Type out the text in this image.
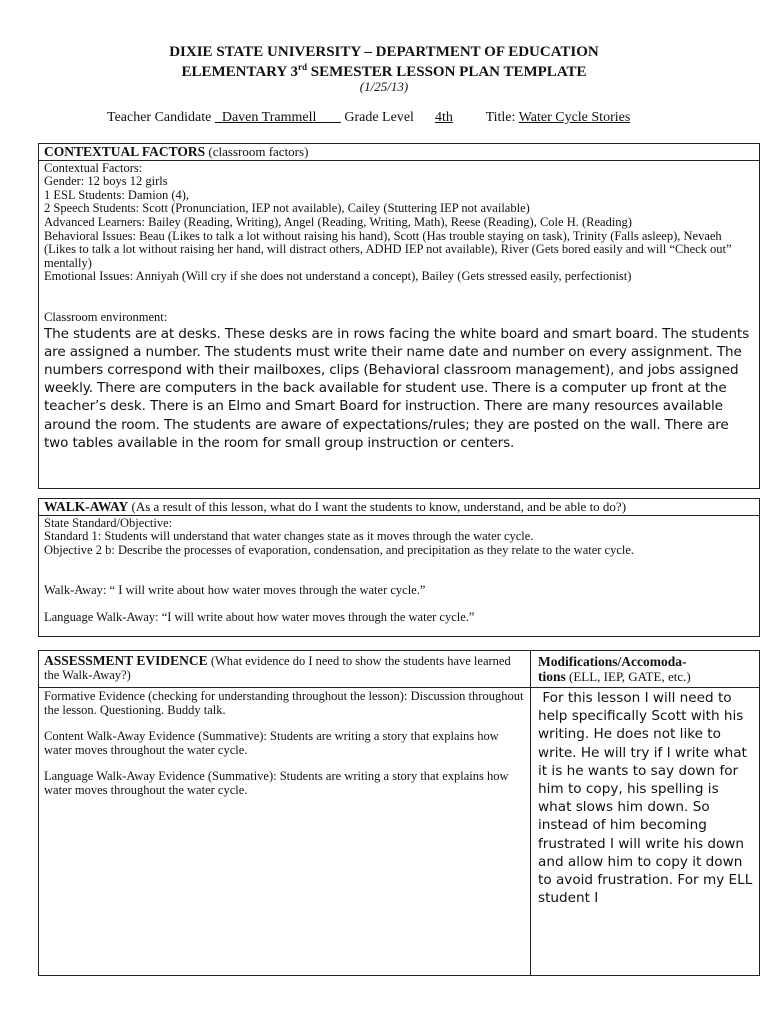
DIXIE STATE UNIVERSITY – DEPARTMENT OF EDUCATION
ELEMENTARY 3rd SEMESTER LESSON PLAN TEMPLATE
(1/25/13)
Teacher Candidate   Daven Trammell        Grade Level 4th Title: Water Cycle Stories
CONTEXTUAL FACTORS (classroom factors)
Contextual Factors:
Gender: 12 boys 12 girls
1 ESL Students: Damion (4),
2 Speech Students: Scott (Pronunciation, IEP not available), Cailey (Stuttering IEP not available)
Advanced Learners: Bailey (Reading, Writing), Angel (Reading, Writing, Math), Reese (Reading), Cole H. (Reading)
Behavioral Issues: Beau (Likes to talk a lot without raising his hand), Scott (Has trouble staying on task), Trinity (Falls asleep), Nevaeh (Likes to talk a lot without raising her hand, will distract others, ADHD IEP not available), River (Gets bored easily and will “Check out” mentally)
Emotional Issues: Anniyah (Will cry if she does not understand a concept), Bailey (Gets stressed easily, perfectionist)
Classroom environment:
The students are at desks. These desks are in rows facing the white board and smart board. The students are assigned a number. The students must write their name date and number on every assignment. The numbers correspond with their mailboxes, clips (Behavioral classroom management), and jobs assigned weekly. There are computers in the back available for student use. There is a computer up front at the teacher’s desk. There is an Elmo and Smart Board for instruction. There are many resources available around the room. The students are aware of expectations/rules; they are posted on the wall. There are two tables available in the room for small group instruction or centers.
WALK-AWAY (As a result of this lesson, what do I want the students to know, understand, and be able to do?)
State Standard/Objective:
Standard 1: Students will understand that water changes state as it moves through the water cycle.
Objective 2 b: Describe the processes of evaporation, condensation, and precipitation as they relate to the water cycle.
Walk-Away: “ I will write about how water moves through the water cycle.”
Language Walk-Away: “I will write about how water moves through the water cycle.”
ASSESSMENT EVIDENCE (What evidence do I need to show the students have learned the Walk-Away?)
Formative Evidence (checking for understanding throughout the lesson): Discussion throughout the lesson. Questioning. Buddy talk.
Content Walk-Away Evidence (Summative): Students are writing a story that explains how water moves throughout the water cycle.
Language Walk-Away Evidence (Summative): Students are writing a story that explains how water moves throughout the water cycle.
Modifications/Accomoda-
tions (ELL, IEP, GATE, etc.)
For this lesson I will need to help specifically Scott with his writing. He does not like to write. He will try if I write what it is he wants to say down for him to copy, his spelling is what slows him down. So instead of him becoming frustrated I will write his down and allow him to copy it down to avoid frustration. For my ELL student I
